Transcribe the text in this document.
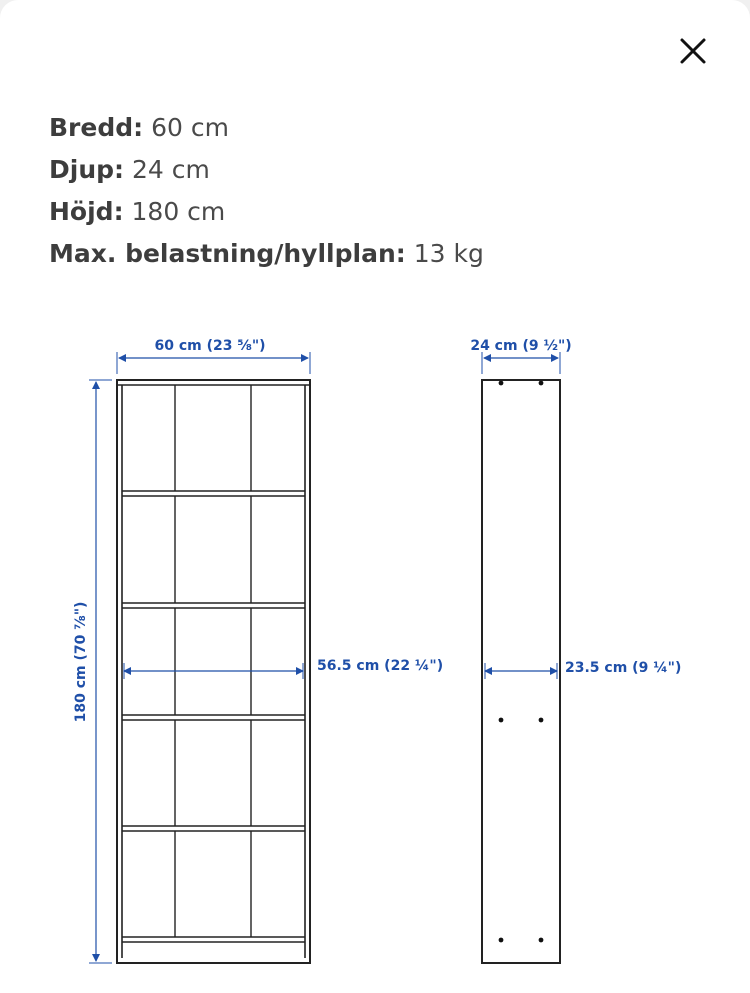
Bredd: 60 cm
Djup: 24 cm
Höjd: 180 cm
Max. belastning/hyllplan: 13 kg
60 cm (23 ⅝")
180 cm (70 ⅞")	56.5 cm (22 ¼")
24 cm (9 ½")
23.5 cm (9 ¼")
